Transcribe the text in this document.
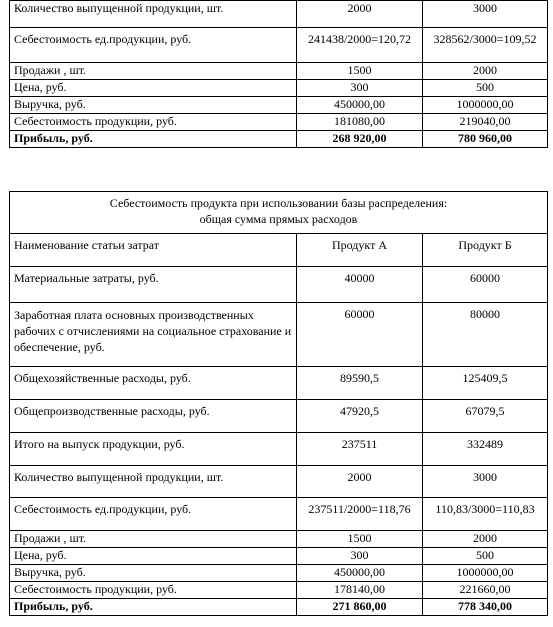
Количество выпущенной продукции, шт.	2000	3000
Себестоимость ед.продукции, руб.	241438/2000=120,72	328562/3000=109,52
Продажи , шт.	1500	2000
Цена, руб.	300	500
Выручка, руб.	450000,00	1000000,00
Себестоимость продукции, руб.	181080,00	219040,00
Прибыль, руб.	268 920,00	780 960,00
Себестоимость продукта при использовании базы распределения:
общая сумма прямых расходов		

Наименование статьи затрат	Продукт А	Продукт Б
Материальные затраты, руб.	40000	60000
Заработная плата основных производственных рабочих с отчислениями на социальное страхование и обеспечение, руб.	60000	80000
Общехозяйственные расходы, руб.	89590,5	125409,5
Общепроизводственные расходы, руб.	47920,5	67079,5
Итого на выпуск продукции, руб.	237511	332489
Количество выпущенной продукции, шт.	2000	3000
Себестоимость ед.продукции, руб.	237511/2000=118,76	110,83/3000=110,83
Продажи , шт.	1500	2000
Цена, руб.	300	500
Выручка, руб.	450000,00	1000000,00
Себестоимость продукции, руб.	178140,00	221660,00
Прибыль, руб.	271 860,00	778 340,00
